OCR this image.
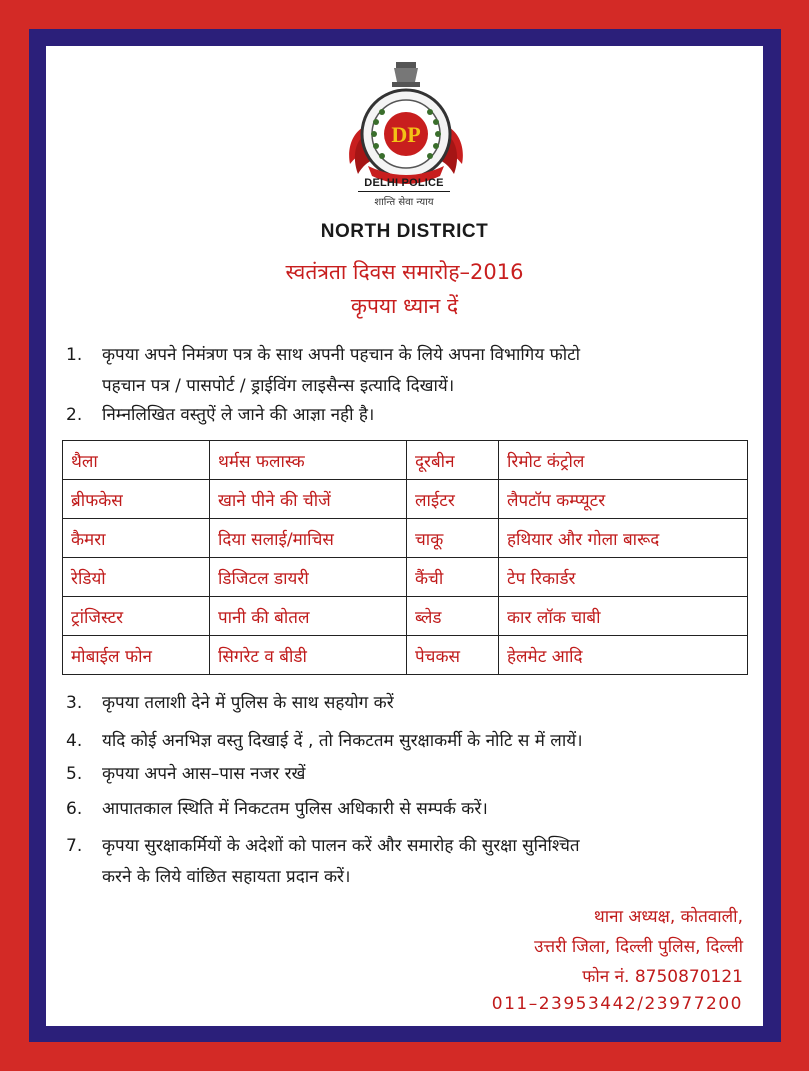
DP
DELHI POLICE
शान्ति सेवा न्याय
NORTH DISTRICT
स्वतंत्रता दिवस समारोह–2016
कृपया ध्यान दें
1. कृपया अपने निमंत्रण पत्र के साथ अपनी पहचान के लिये अपना विभागिय फोटो
पहचान पत्र / पासपोर्ट / ड्राईविंग लाइसैन्स इत्यादि दिखायें।
2. निम्नलिखित वस्तुऐं ले जाने की आज्ञा नही है।
थैला	थर्मस फलास्क	दूरबीन	रिमोट कंट्रोल
ब्रीफकेस	खाने पीने की चीजें	लाईटर	लैपटॉप कम्प्यूटर
कैमरा	दिया सलाई/माचिस	चाकू	हथियार और गोला बारूद
रेडियो	डिजिटल डायरी	कैंची	टेप रिकार्डर
ट्रांजिस्टर	पानी की बोतल	ब्लेड	कार लॉक चाबी
मोबाईल फोन	सिगरेट व बीडी	पेचकस	हेलमेट आदि
3. कृपया तलाशी देने में पुलिस के साथ सहयोग करें
4. यदि कोई अनभिज्ञ वस्तु दिखाई दें , तो निकटतम सुरक्षाकर्मी के नोटि स में लायें।
5. कृपया अपने आस–पास नजर रखें
6. आपातकाल स्थिति में निकटतम पुलिस अधिकारी से सम्पर्क करें।
7. कृपया सुरक्षाकर्मियों के अदेशों को पालन करें और समारोह की सुरक्षा सुनिश्चित
करने के लिये वांछित सहायता प्रदान करें।
थाना अध्यक्ष, कोतवाली,
उत्तरी जिला, दिल्ली पुलिस, दिल्ली
फोन नं. 8750870121
011–23953442/23977200
